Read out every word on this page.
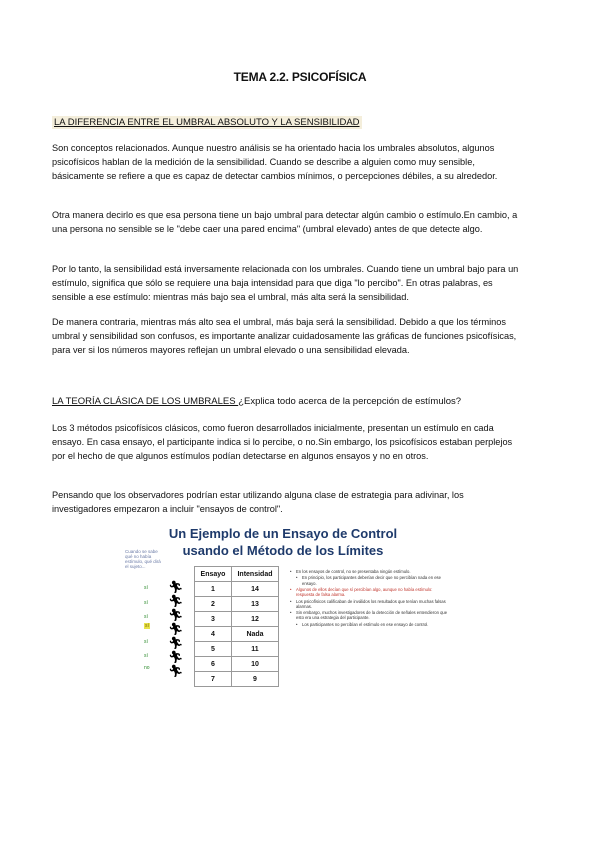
TEMA 2.2. PSICOFÍSICA
LA DIFERENCIA ENTRE EL UMBRAL ABSOLUTO Y LA SENSIBILIDAD

Son conceptos relacionados. Aunque nuestro análisis se ha orientado hacia los umbrales absolutos, algunos psicofísicos hablan de la medición de la sensibilidad. Cuando se describe a alguien como muy sensible, básicamente se refiere a que es capaz de detectar cambios mínimos, o percepciones débiles, a su alrededor.

Otra manera decirlo es que esa persona tiene un bajo umbral para detectar algún cambio o estímulo.En cambio, a una persona no sensible se le "debe caer una pared encima" (umbral elevado) antes de que detecte algo.

Por lo tanto, la sensibilidad está inversamente relacionada con los umbrales. Cuando tiene un umbral bajo para un estímulo, significa que sólo se requiere una baja intensidad para que diga "lo percibo". En otras palabras, es sensible a ese estímulo: mientras más bajo sea el umbral, más alta será la sensibilidad.

De manera contraria, mientras más alto sea el umbral, más baja será la sensibilidad. Debido a que los términos umbral y sensibilidad son confusos, es importante analizar cuidadosamente las gráficas de funciones psicofísicas, para ver si los números mayores reflejan un umbral elevado o una sensibilidad elevada.

LA TEORÍA CLÁSICA DE LOS UMBRALES ¿Explica todo acerca de la percepción de estímulos?

Los 3 métodos psicofísicos clásicos, como fueron desarrollados inicialmente, presentan un estímulo en cada ensayo. En casa ensayo, el participante indica si lo percibe, o no.Sin embargo, los psicofísicos estaban perplejos por el hecho de que algunos estímulos podían detectarse en algunos ensayos y no en otros.

Pensando que los observadores podrían estar utilizando alguna clase de estrategia para adivinar, los investigadores empezaron a incluir "ensayos de control".

Un Ejemplo de un Ensayo de Control
usando el Método de los Límites
Cuando se sabe qué no había estímulo, qué dirá el sujeto...
sí
sí
sí
sí
sí
sí
no
🏃︎
🏃︎
🏃︎
🏃︎
🏃︎
🏃︎
🏃︎
Ensayo	Intensidad
1	14
2	13
3	12
4	Nada
5	11
6	10
7	9
• En los ensayos de control, no se presentaba ningún estímulo.
• En principio, los participantes deberían decir que no percibían nada en ese ensayo.
• Algunos de ellos decían que sí percibían algo, aunque no había estímulo: respuesta de falsa alarma.
• Los psicofísicos calificaban de inválidos los resultados que tenían muchas falsas alarmas.
• Sin embargo, muchos investigadores de la detección de señales entendieron que esto era una estrategia del participante.
• Los participantes no percibían el estímulo en ese ensayo de control.
